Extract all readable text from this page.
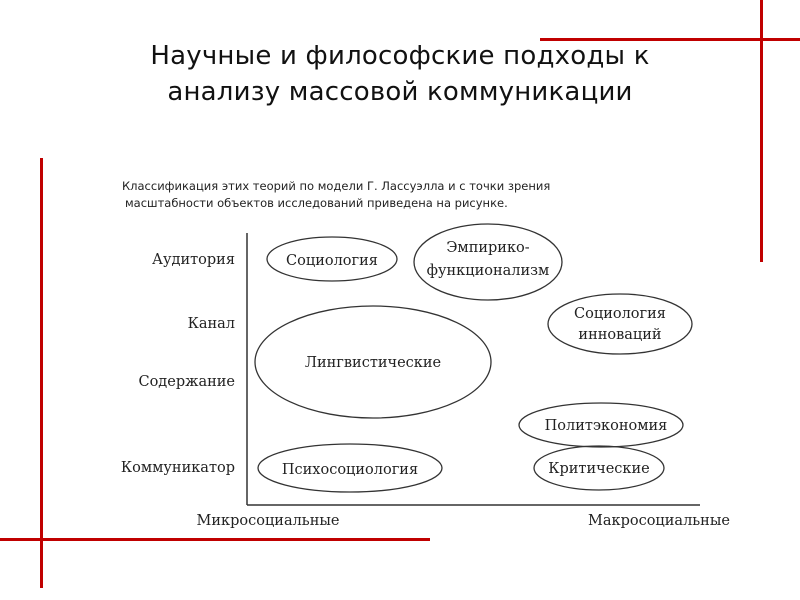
Научные и философские подходы к
анализу массовой коммуникации
Классификация этих теорий по модели Г. Лассуэлла и с точки зрения
масштабности объектов исследований приведена на рисунке.
Аудитория
Канал
Содержание
Коммуникатор
Микросоциальные	Макросоциальные
Социология
Эмпирико-
функционализм
Социология
инноваций
Лингвистические
Политэкономия
Психосоциология	Критические
